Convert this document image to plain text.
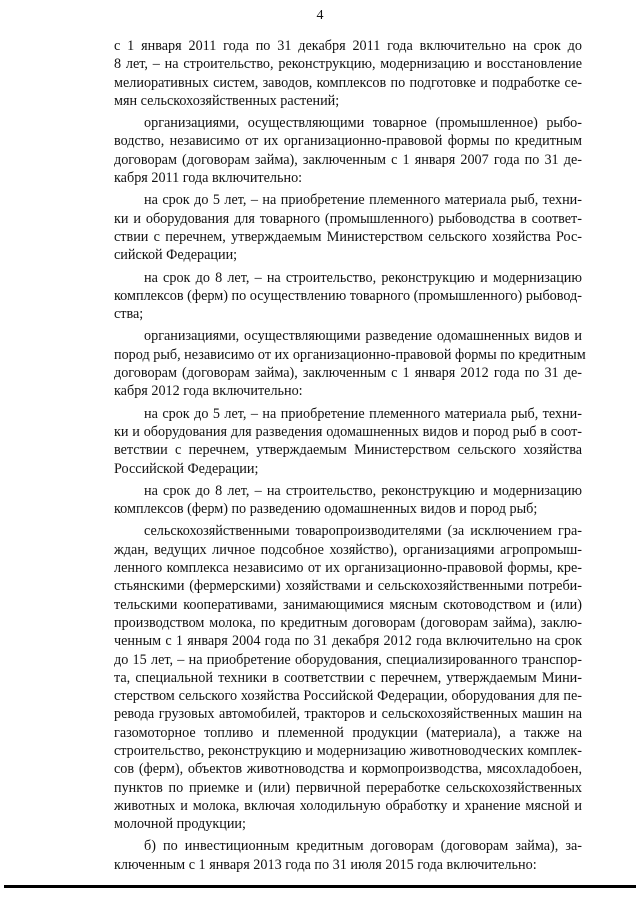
4
с 1 января 2011 года по 31 декабря 2011 года включительно на срок до
8 лет, – на строительство, реконструкцию, модернизацию и восстановление
мелиоративных систем, заводов, комплексов по подготовке и подработке се-
мян сельскохозяйственных растений;
организациями, осуществляющими товарное (промышленное) рыбо-
водство, независимо от их организационно-правовой формы по кредитным
договорам (договорам займа), заключенным с 1 января 2007 года по 31 де-
кабря 2011 года включительно:
на срок до 5 лет, – на приобретение племенного материала рыб, техни-
ки и оборудования для товарного (промышленного) рыбоводства в соответ-
ствии с перечнем, утверждаемым Министерством сельского хозяйства Рос-
сийской Федерации;
на срок до 8 лет, – на строительство, реконструкцию и модернизацию
комплексов (ферм) по осуществлению товарного (промышленного) рыбовод-
ства;
организациями, осуществляющими разведение одомашненных видов и
пород рыб, независимо от их организационно-правовой формы по кредитным
договорам (договорам займа), заключенным с 1 января 2012 года по 31 де-
кабря 2012 года включительно:
на срок до 5 лет, – на приобретение племенного материала рыб, техни-
ки и оборудования для разведения одомашненных видов и пород рыб в соот-
ветствии с перечнем, утверждаемым Министерством сельского хозяйства
Российской Федерации;
на срок до 8 лет, – на строительство, реконструкцию и модернизацию
комплексов (ферм) по разведению одомашненных видов и пород рыб;
сельскохозяйственными товаропроизводителями (за исключением гра-
ждан, ведущих личное подсобное хозяйство), организациями агропромыш-
ленного комплекса независимо от их организационно-правовой формы, кре-
стьянскими (фермерскими) хозяйствами и сельскохозяйственными потреби-
тельскими кооперативами, занимающимися мясным скотоводством и (или)
производством молока, по кредитным договорам (договорам займа), заклю-
ченным с 1 января 2004 года по 31 декабря 2012 года включительно на срок
до 15 лет, – на приобретение оборудования, специализированного транспор-
та, специальной техники в соответствии с перечнем, утверждаемым Мини-
стерством сельского хозяйства Российской Федерации, оборудования для пе-
ревода грузовых автомобилей, тракторов и сельскохозяйственных машин на
газомоторное топливо и племенной продукции (материала), а также на
строительство, реконструкцию и модернизацию животноводческих комплек-
сов (ферм), объектов животноводства и кормопроизводства, мясохладобоен,
пунктов по приемке и (или) первичной переработке сельскохозяйственных
животных и молока, включая холодильную обработку и хранение мясной и
молочной продукции;
б) по инвестиционным кредитным договорам (договорам займа), за-
ключенным с 1 января 2013 года по 31 июля 2015 года включительно:
